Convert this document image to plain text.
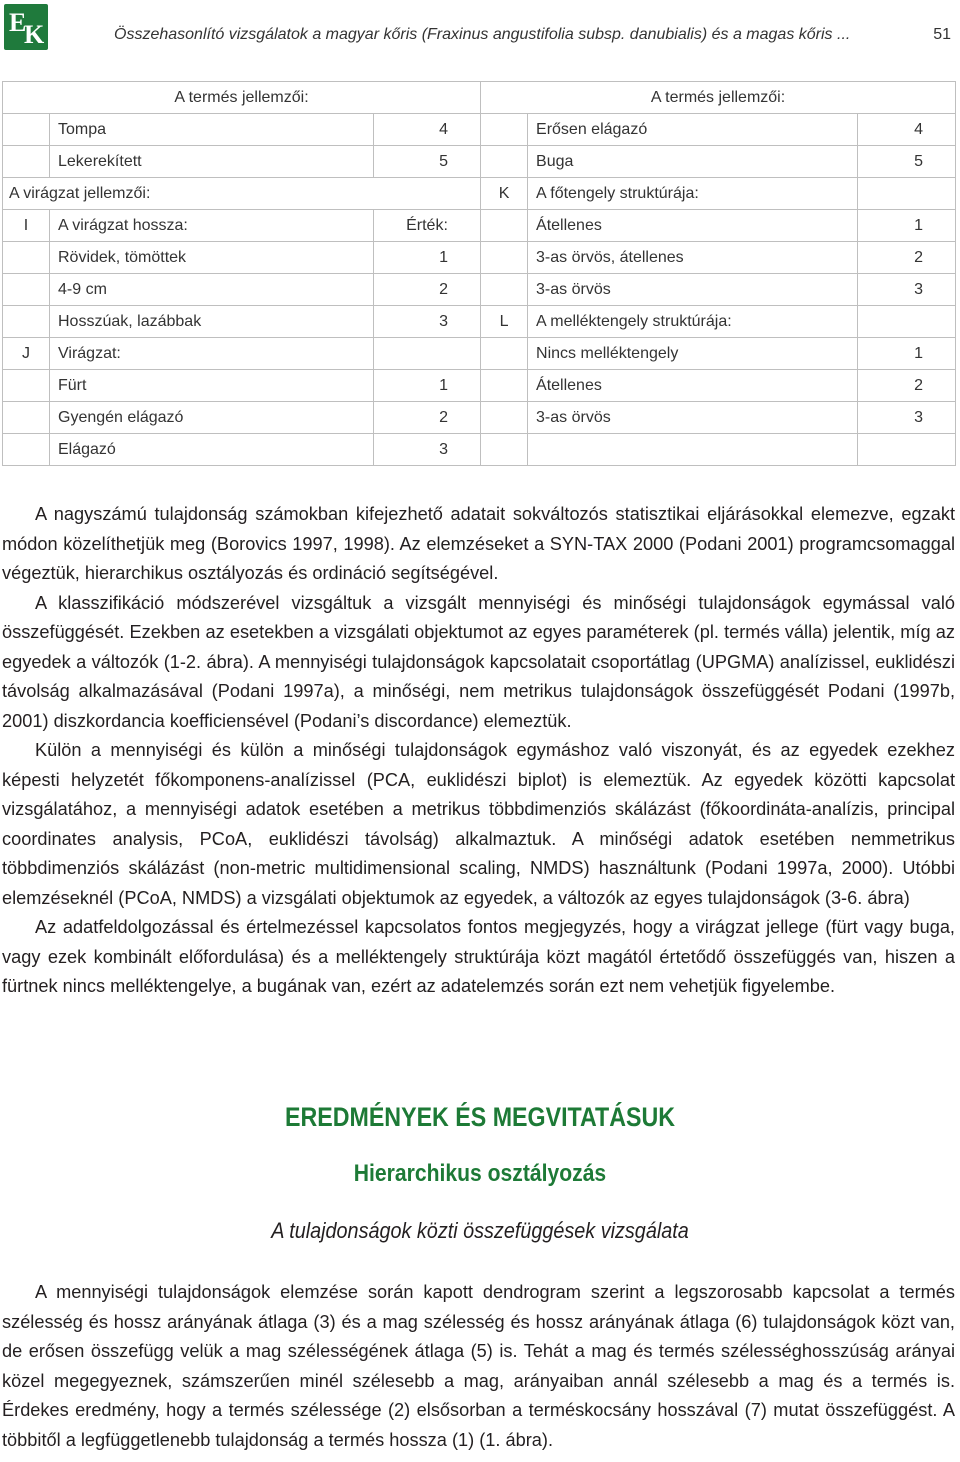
E
K	Összehasonlító vizsgálatok a magyar kőris (Fraxinus angustifolia subsp. danubialis) és a magas kőris ...	51
A termés jellemzői:			A termés jellemzői:		
	Tompa	4		Erősen elágazó	4
	Lekerekített	5		Buga	5
A virágzat jellemzői:			K	A főtengely struktúrája:	
I	A virágzat hossza:	Érték:		Átellenes	1
	Rövidek, tömöttek	1		3-as örvös, átellenes	2
	4-9 cm	2		3-as örvös	3
	Hosszúak, lazábbak	3	L	A melléktengely struktúrája:	
J	Virágzat:			Nincs melléktengely	1
	Fürt	1		Átellenes	2
	Gyengén elágazó	2		3-as örvös	3
	Elágazó	3			

A nagyszámú tulajdonság számokban kifejezhető adatait sokváltozós statisztikai eljárásokkal elemezve, egzakt módon közelíthetjük meg (Borovics 1997, 1998). Az elemzéseket a SYN-TAX 2000 (Podani 2001) programcsomaggal végeztük, hierarchikus osztályozás és ordináció segítségével.

A klasszifikáció módszerével vizsgáltuk a vizsgált mennyiségi és minőségi tulajdonságok egymással való összefüggését. Ezekben az esetekben a vizsgálati objektumot az egyes paraméterek (pl. termés válla) jelentik, míg az egyedek a változók (1-2. ábra). A mennyiségi tulajdonságok kapcsolatait csoportátlag (UPGMA) analízissel, euklidészi távolság alkalmazásával (Podani 1997a), a minőségi, nem metrikus tulajdonságok összefüggését Podani (1997b, 2001) diszkordancia koefficiensével (Podani’s discordance) elemeztük.

Külön a mennyiségi és külön a minőségi tulajdonságok egymáshoz való viszonyát, és az egyedek ezekhez képesti helyzetét főkomponens-analízissel (PCA, euklidészi biplot) is elemeztük. Az egyedek közötti kapcsolat vizsgálatához, a mennyiségi adatok esetében a metrikus többdimenziós skálázást (főkoordináta-analízis, principal coordinates analysis, PCoA, euklidészi távolság) alkalmaztuk. A minőségi adatok esetében nemmetrikus többdimenziós skálázást (non-metric multidimensional scaling, NMDS) használtunk (Podani 1997a, 2000). Utóbbi elemzéseknél (PCoA, NMDS) a vizsgálati objektumok az egyedek, a változók az egyes tulajdonságok (3-6. ábra)

Az adatfeldolgozással és értelmezéssel kapcsolatos fontos megjegyzés, hogy a virágzat jellege (fürt vagy buga, vagy ezek kombinált előfordulása) és a melléktengely struktúrája közt magától értetődő összefüggés van, hiszen a fürtnek nincs melléktengelye, a bugának van, ezért az adatelemzés során ezt nem vehetjük figyelembe.

EREDMÉNYEK ÉS MEGVITATÁSUK
Hierarchikus osztályozás
A tulajdonságok közti összefüggések vizsgálata

A mennyiségi tulajdonságok elemzése során kapott dendrogram szerint a legszorosabb kapcsolat a termés szélesség és hossz arányának átlaga (3) és a mag szélesség és hossz arányának átlaga (6) tulajdonságok közt van, de erősen összefügg velük a mag szélességének átlaga (5) is. Tehát a mag és termés szélességhosszúság arányai közel megegyeznek, számszerűen minél szélesebb a mag, arányaiban annál szélesebb a mag és a termés is. Érdekes eredmény, hogy a termés szélessége (2) elsősorban a terméskocsány hosszával (7) mutat összefüggést. A többitől a legfüggetlenebb tulajdonság a termés hossza (1) (1. ábra).
